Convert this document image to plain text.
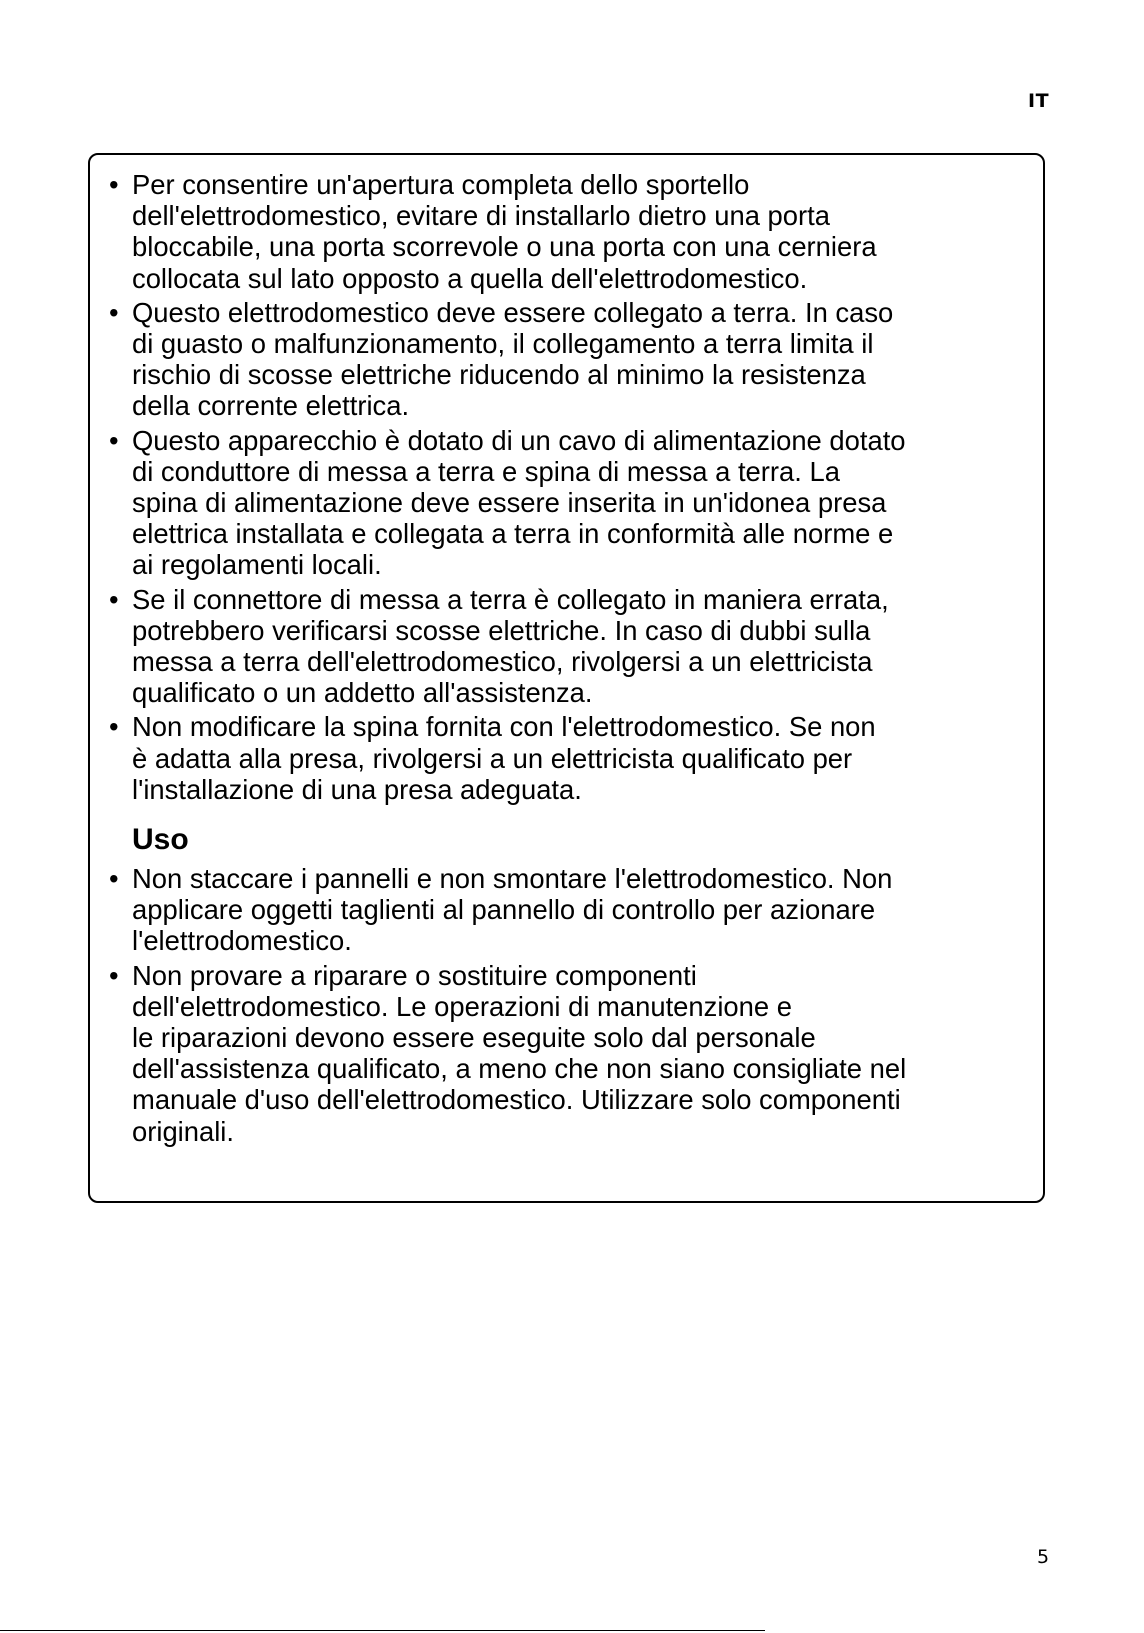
IT
• Per consentire un'apertura completa dello sportello
dell'elettrodomestico, evitare di installarlo dietro una porta
bloccabile, una porta scorrevole o una porta con una cerniera
collocata sul lato opposto a quella dell'elettrodomestico.
• Questo elettrodomestico deve essere collegato a terra. In caso
di guasto o malfunzionamento, il collegamento a terra limita il
rischio di scosse elettriche riducendo al minimo la resistenza
della corrente elettrica.
• Questo apparecchio è dotato di un cavo di alimentazione dotato
di conduttore di messa a terra e spina di messa a terra. La
spina di alimentazione deve essere inserita in un'idonea presa
elettrica installata e collegata a terra in conformità alle norme e
ai regolamenti locali.
• Se il connettore di messa a terra è collegato in maniera errata,
potrebbero verificarsi scosse elettriche. In caso di dubbi sulla
messa a terra dell'elettrodomestico, rivolgersi a un elettricista
qualificato o un addetto all'assistenza.
• Non modificare la spina fornita con l'elettrodomestico. Se non
è adatta alla presa, rivolgersi a un elettricista qualificato per
l'installazione di una presa adeguata.
Uso
• Non staccare i pannelli e non smontare l'elettrodomestico. Non
applicare oggetti taglienti al pannello di controllo per azionare
l'elettrodomestico.
• Non provare a riparare o sostituire componenti
dell'elettrodomestico. Le operazioni di manutenzione e
le riparazioni devono essere eseguite solo dal personale
dell'assistenza qualificato, a meno che non siano consigliate nel
manuale d'uso dell'elettrodomestico. Utilizzare solo componenti
originali.
5
